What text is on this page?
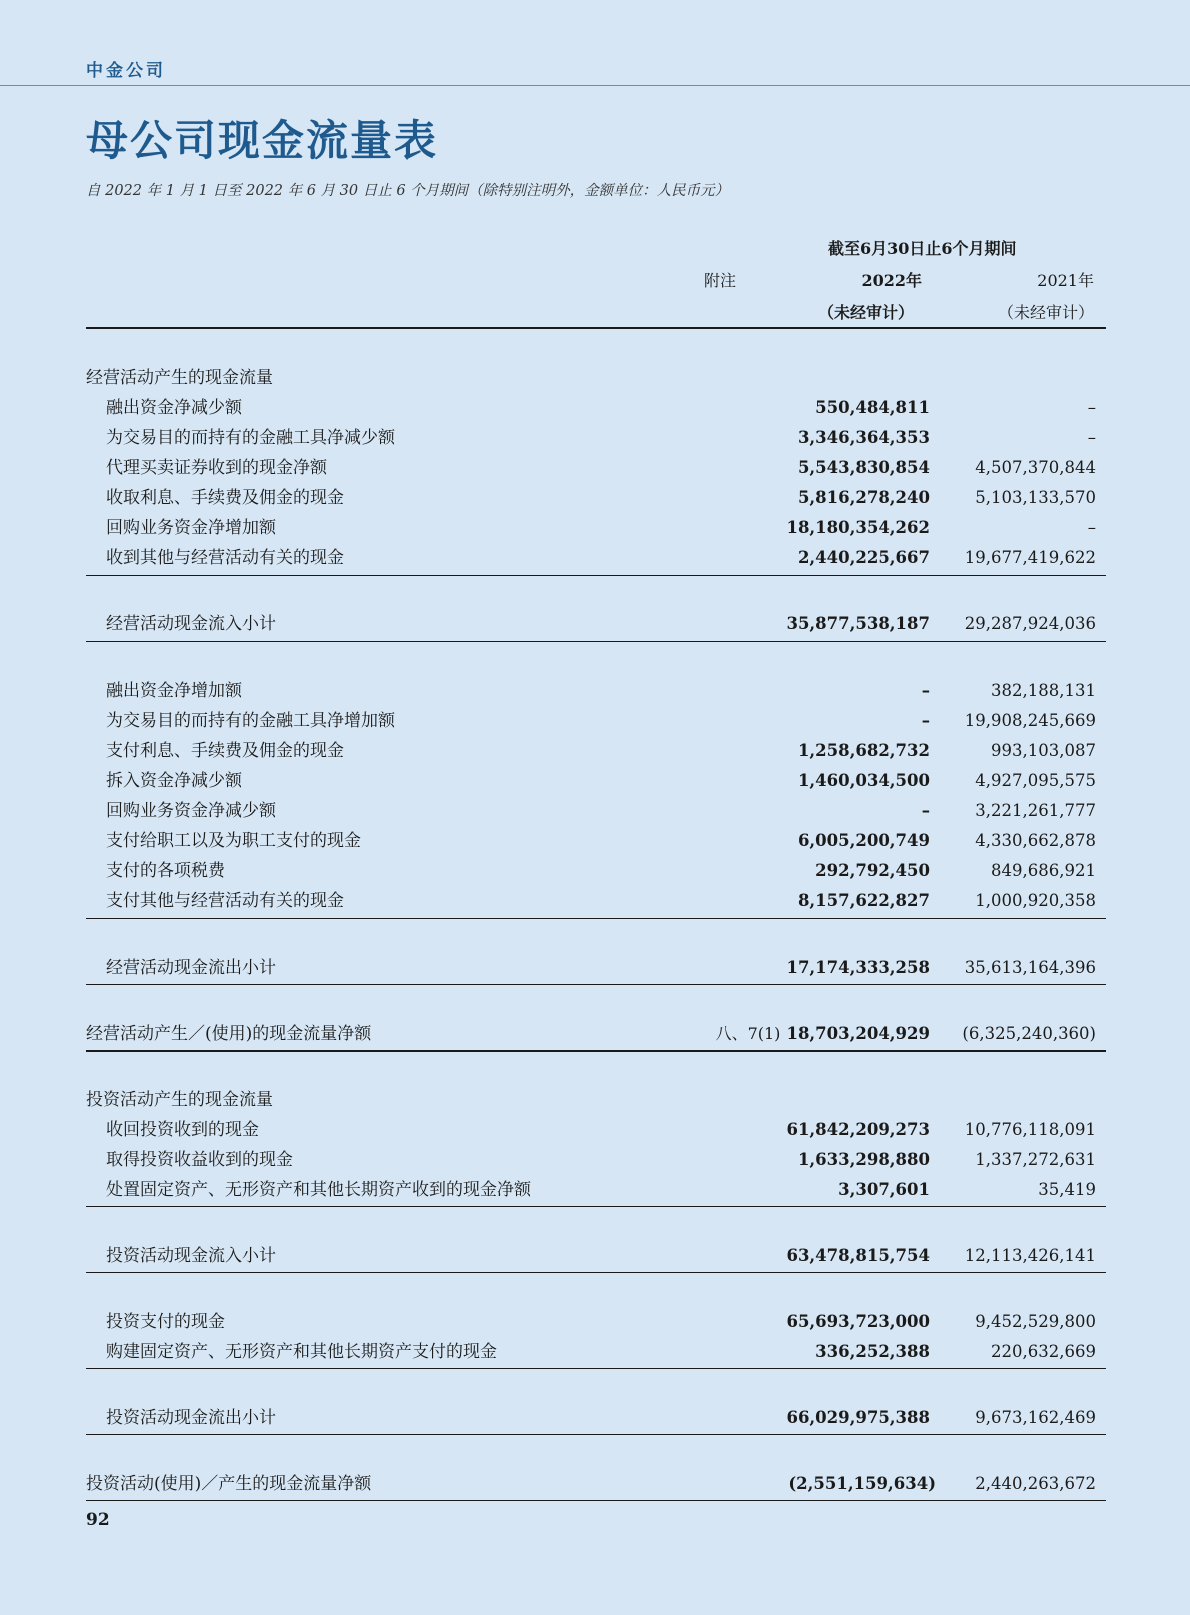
中金公司
母公司现金流量表
自 2022 年 1 月 1 日至 2022 年 6 月 30 日止 6 个月期间（除特别注明外，金额单位：人民币元）
截至6月30日止6个月期间
附注	2022年
（未经审计）
2021年
（未经审计）
经营活动产生的现金流量
融出资金净减少额	550,484,811	–
为交易目的而持有的金融工具净减少额	3,346,364,353	–
代理买卖证券收到的现金净额	5,543,830,854	4,507,370,844
收取利息、手续费及佣金的现金	5,816,278,240	5,103,133,570
回购业务资金净增加额	18,180,354,262	–
收到其他与经营活动有关的现金	2,440,225,667 19,677,419,622
经营活动现金流入小计	35,877,538,187 29,287,924,036
融出资金净增加额	–	382,188,131
为交易目的而持有的金融工具净增加额	– 19,908,245,669
支付利息、手续费及佣金的现金	1,258,682,732	993,103,087
拆入资金净减少额	1,460,034,500	4,927,095,575
回购业务资金净减少额	–	3,221,261,777
支付给职工以及为职工支付的现金	6,005,200,749	4,330,662,878
支付的各项税费	292,792,450	849,686,921
支付其他与经营活动有关的现金	8,157,622,827	1,000,920,358
经营活动现金流出小计	17,174,333,258 35,613,164,396
经营活动产生／(使用)的现金流量净额	八、7(1) 18,703,204,929 (6,325,240,360)
投资活动产生的现金流量
收回投资收到的现金	61,842,209,273 10,776,118,091
取得投资收益收到的现金	1,633,298,880	1,337,272,631
处置固定资产、无形资产和其他长期资产收到的现金净额	3,307,601	35,419
投资活动现金流入小计	63,478,815,754 12,113,426,141
投资支付的现金	65,693,723,000	9,452,529,800
购建固定资产、无形资产和其他长期资产支付的现金	336,252,388	220,632,669
投资活动现金流出小计	66,029,975,388	9,673,162,469
投资活动(使用)／产生的现金流量净额	(2,551,159,634) 2,440,263,672
92
